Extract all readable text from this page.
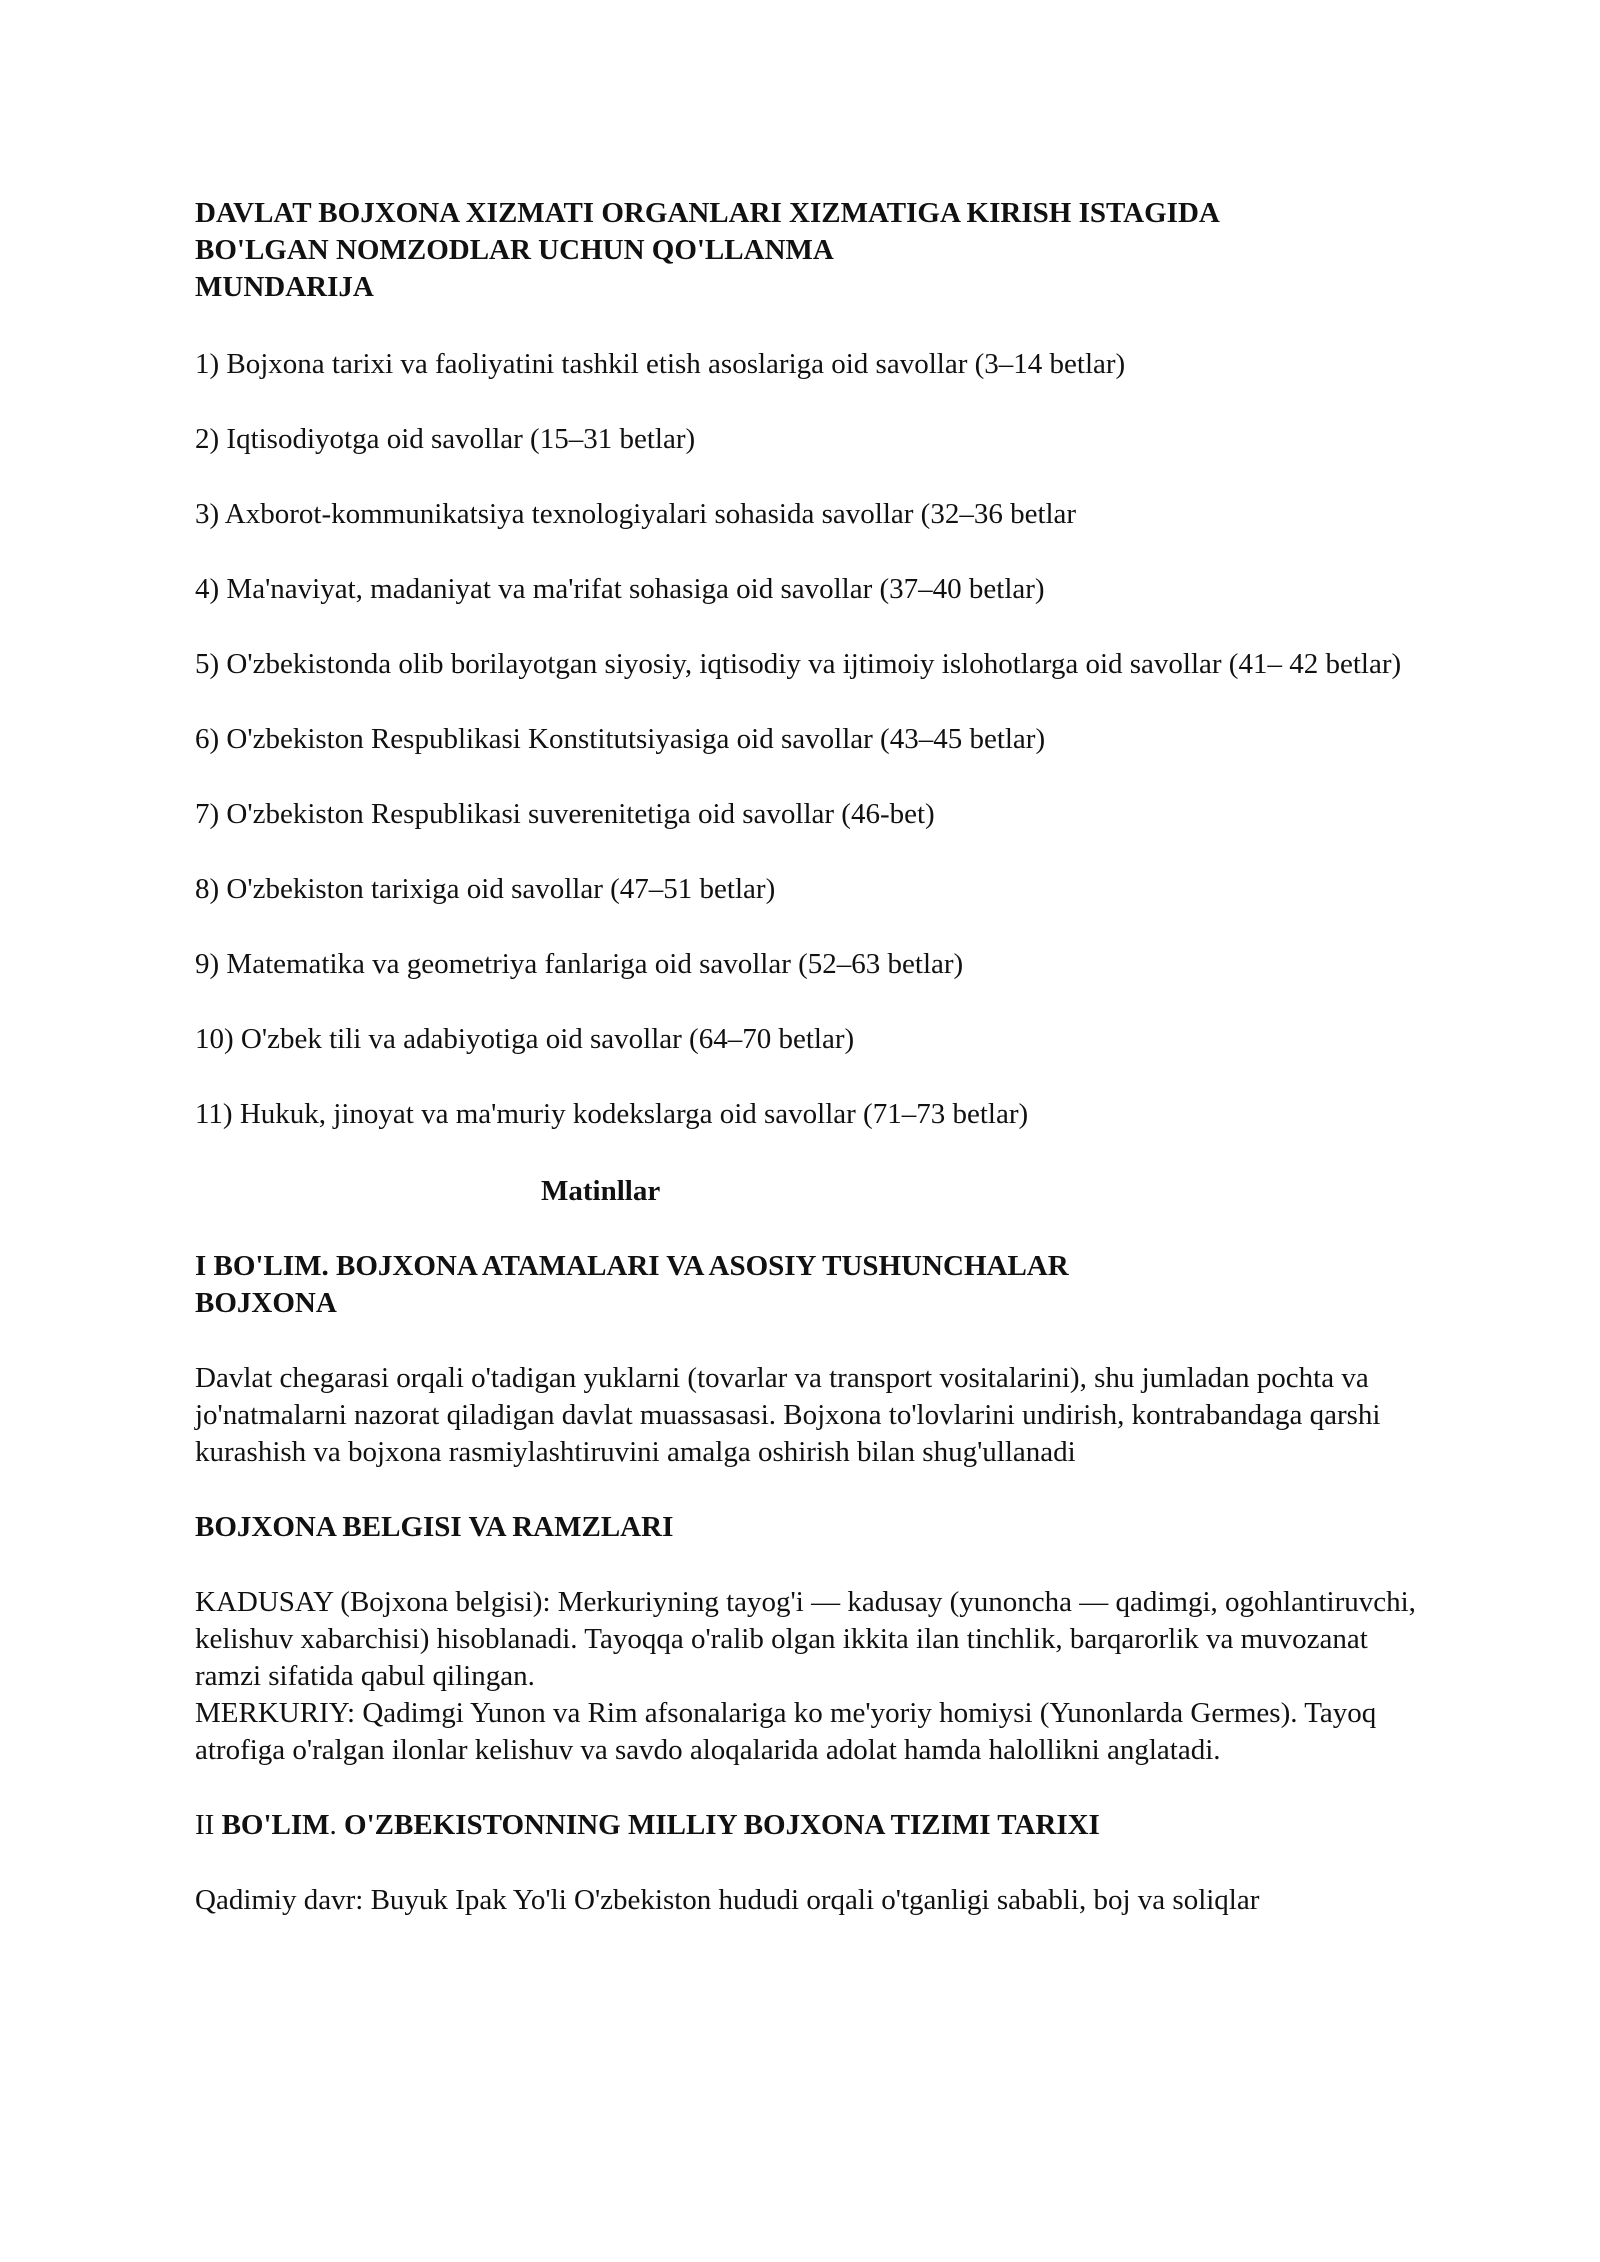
DAVLAT BOJXONA XIZMATI ORGANLARI XIZMATIGA KIRISH ISTAGIDA
BO'LGAN NOMZODLAR UCHUN QO'LLANMA
MUNDARIJA
1) Bojxona tarixi va faoliyatini tashkil etish asoslariga oid savollar (3–14 betlar)
2) Iqtisodiyotga oid savollar (15–31 betlar)
3) Axborot-kommunikatsiya texnologiyalari sohasida savollar (32–36 betlar
4) Ma'naviyat, madaniyat va ma'rifat sohasiga oid savollar (37–40 betlar)
5) O'zbekistonda olib borilayotgan siyosiy, iqtisodiy va ijtimoiy islohotlarga oid savollar (41– 42 betlar)
6) O'zbekiston Respublikasi Konstitutsiyasiga oid savollar (43–45 betlar)
7) O'zbekiston Respublikasi suverenitetiga oid savollar (46-bet)
8) O'zbekiston tarixiga oid savollar (47–51 betlar)
9) Matematika va geometriya fanlariga oid savollar (52–63 betlar)
10) O'zbek tili va adabiyotiga oid savollar (64–70 betlar)
11) Hukuk, jinoyat va ma'muriy kodekslarga oid savollar (71–73 betlar)
Matinllar
I BO'LIM. BOJXONA ATAMALARI VA ASOSIY TUSHUNCHALAR
BOJXONA
Davlat chegarasi orqali o'tadigan yuklarni (tovarlar va transport vositalarini), shu jumladan pochta va jo'natmalarni nazorat qiladigan davlat muassasasi. Bojxona to'lovlarini undirish, kontrabandaga qarshi kurashish va bojxona rasmiylashtiruvini amalga oshirish bilan shug'ullanadi
BOJXONA BELGISI VA RAMZLARI
KADUSAY (Bojxona belgisi): Merkuriyning tayog'i — kadusay (yunoncha — qadimgi, ogohlantiruvchi, kelishuv xabarchisi) hisoblanadi. Tayoqqa o'ralib olgan ikkita ilan tinchlik, barqarorlik va muvozanat ramzi sifatida qabul qilingan.
MERKURIY: Qadimgi Yunon va Rim afsonalariga ko me'yoriy homiysi (Yunonlarda Germes). Tayoq atrofiga o'ralgan ilonlar kelishuv va savdo aloqalarida adolat hamda halollikni anglatadi.
II BO'LIM. O'ZBEKISTONNING MILLIY BOJXONA TIZIMI TARIXI
Qadimiy davr: Buyuk Ipak Yo'li O'zbekiston hududi orqali o'tganligi sababli, boj va soliqlar
